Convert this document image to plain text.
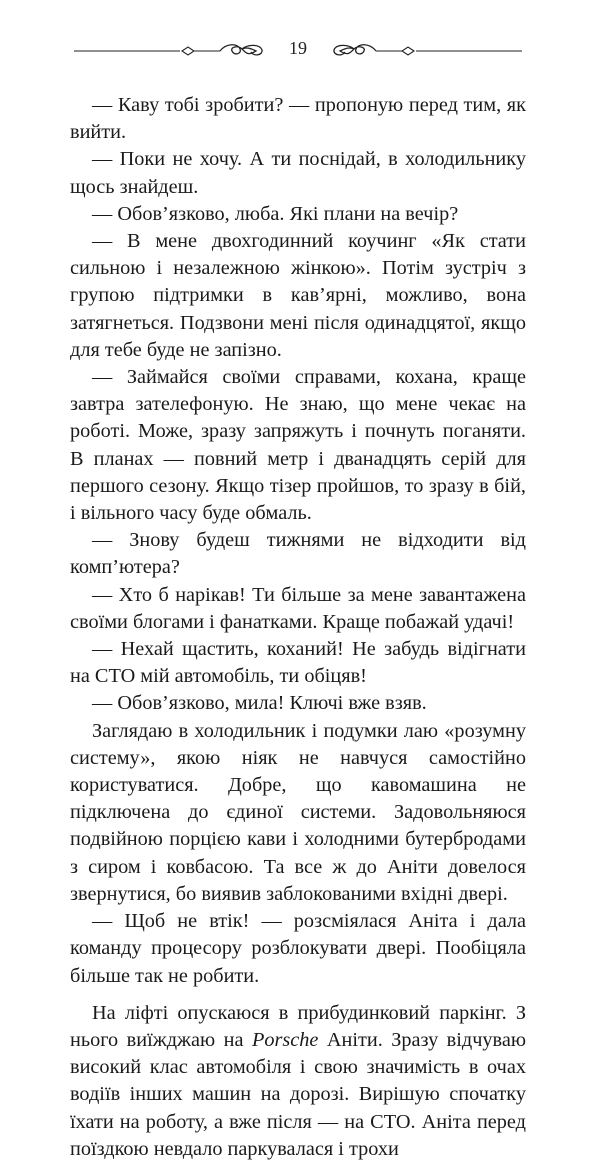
19

— Каву тобі зробити? — пропоную перед тим, як вийти.

— Поки не хочу. А ти поснідай, в холодильнику щось знайдеш.

— Обов’язково, люба. Які плани на вечір?

— В мене двохгодинний коучинг «Як стати сильною і незалежною жінкою». Потім зустріч з групою підтримки в кав’ярні, можливо, вона затягнеться. Подзвони мені після одинадцятої, якщо для тебе буде не запізно.

— Займайся своїми справами, кохана, краще завтра зателефоную. Не знаю, що мене чекає на роботі. Може, зразу запряжуть і почнуть поганяти. В планах — повний метр і дванадцять серій для першого сезону. Якщо тізер пройшов, то зразу в бій, і вільного часу буде обмаль.

— Знову будеш тижнями не відходити від комп’ютера?

— Хто б нарікав! Ти більше за мене завантажена своїми блогами і фанатками. Краще побажай удачі!

— Нехай щастить, коханий! Не забудь відігнати на СТО мій автомобіль, ти обіцяв!

— Обов’язково, мила! Ключі вже взяв.

Заглядаю в холодильник і подумки лаю «розумну систему», якою ніяк не навчуся самостійно користуватися. Добре, що кавомашина не підключена до єдиної системи. Задовольняюся подвійною порцією кави і холодними бутербродами з сиром і ковбасою. Та все ж до Аніти довелося звернутися, бо виявив заблокованими вхідні двері.

— Щоб не втік! — розсміялася Аніта і дала команду процесору розблокувати двері. Пообіцяла більше так не робити.

На ліфті опускаюся в прибудинковий паркінг. З нього виїжджаю на Porsche Аніти. Зразу відчуваю високий клас автомобіля і свою значимість в очах водіїв інших машин на дорозі. Вирішую спочатку їхати на роботу, а вже після — на СТО. Аніта перед поїздкою невдало паркувалася і трохи
